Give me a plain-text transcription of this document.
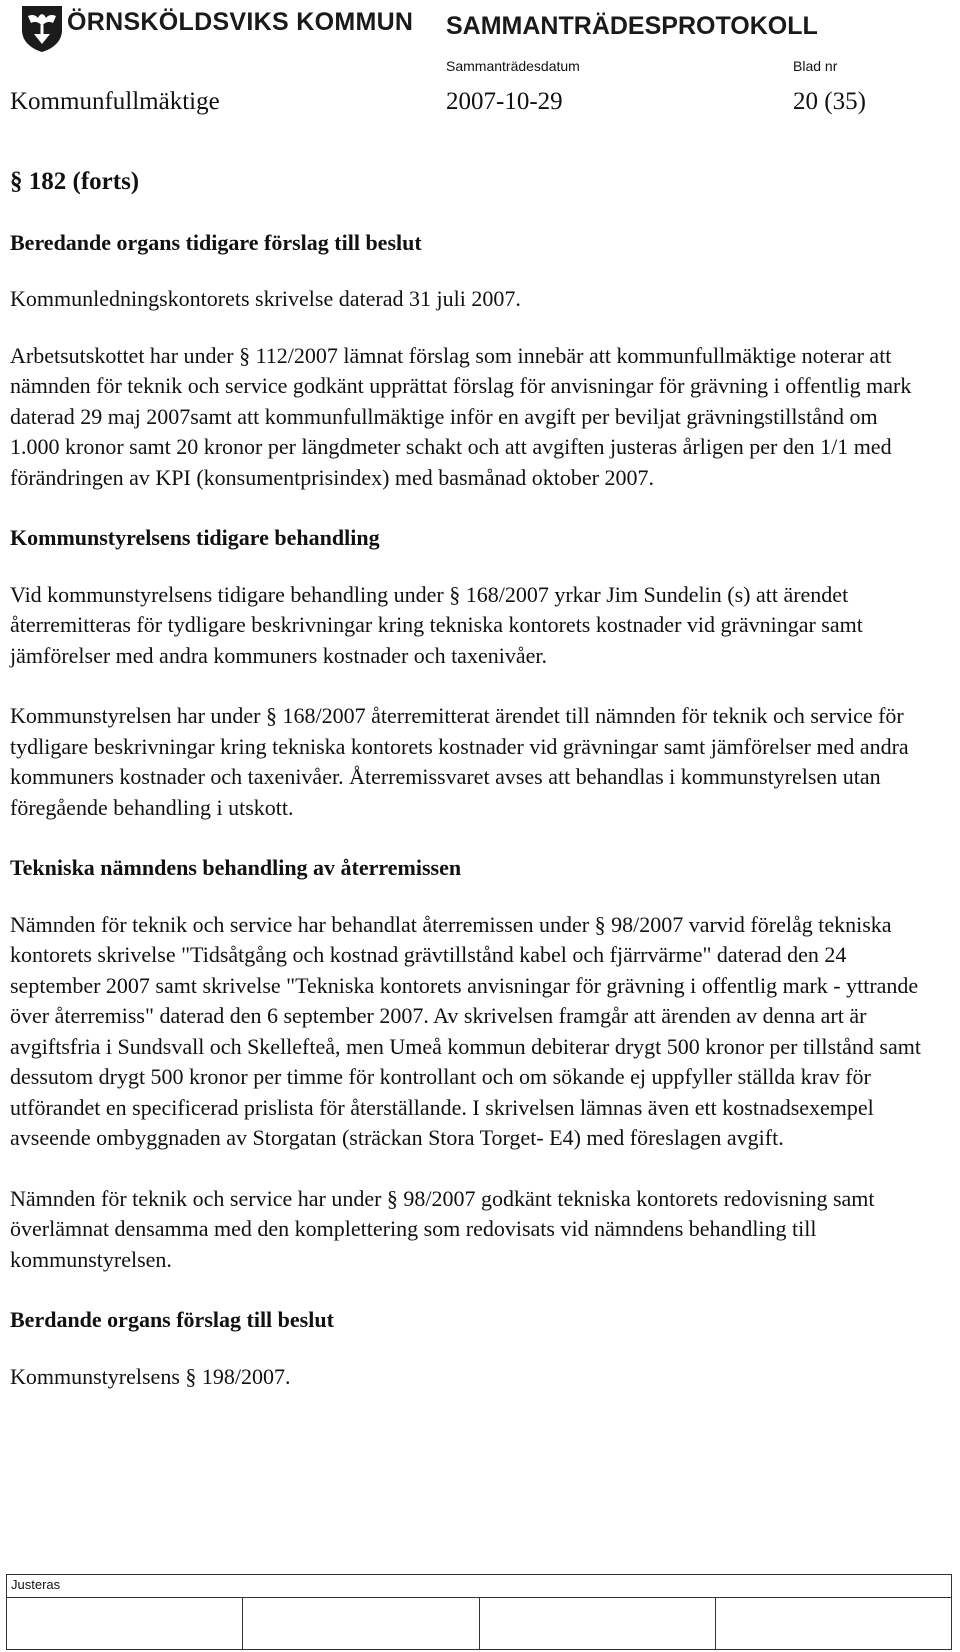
ÖRNSKÖLDSVIKS KOMMUN SAMMANTRÄDESPROTOKOLL
Sammanträdesdatum	Blad nr
Kommunfullmäktige	2007-10-29	20 (35)
§ 182 (forts)
Beredande organs tidigare förslag till beslut

Kommunledningskontorets skrivelse daterad 31 juli 2007.

Arbetsutskottet har under § 112/2007 lämnat förslag som innebär att kommunfullmäktige noterar att nämnden för teknik och service godkänt upprättat förslag för anvisningar för grävning i offentlig mark daterad 29 maj 2007samt att kommunfullmäktige inför en avgift per beviljat grävningstillstånd om 1.000 kronor samt 20 kronor per längdmeter schakt och att avgiften justeras årligen per den 1/1 med förändringen av KPI (konsumentprisindex) med basmånad oktober 2007.

Kommunstyrelsens tidigare behandling

Vid kommunstyrelsens tidigare behandling under § 168/2007 yrkar Jim Sundelin (s) att ärendet återremitteras för tydligare beskrivningar kring tekniska kontorets kostnader vid grävningar samt jämförelser med andra kommuners kostnader och taxenivåer.

Kommunstyrelsen har under § 168/2007 återremitterat ärendet till nämnden för teknik och service för tydligare beskrivningar kring tekniska kontorets kostnader vid grävningar samt jämförelser med andra kommuners kostnader och taxenivåer. Återremissvaret avses att behandlas i kommunstyrelsen utan föregående behandling i utskott.

Tekniska nämndens behandling av återremissen

Nämnden för teknik och service har behandlat återremissen under § 98/2007 varvid förelåg tekniska kontorets skrivelse "Tidsåtgång och kostnad grävtillstånd kabel och fjärrvärme" daterad den 24 september 2007 samt skrivelse "Tekniska kontorets anvisningar för grävning i offentlig mark - yttrande över återremiss" daterad den 6 september 2007. Av skrivelsen framgår att ärenden av denna art är avgiftsfria i Sundsvall och Skellefteå, men Umeå kommun debiterar drygt 500 kronor per tillstånd samt dessutom drygt 500 kronor per timme för kontrollant och om sökande ej uppfyller ställda krav för utförandet en specificerad prislista för återställande. I skrivelsen lämnas även ett kostnadsexempel avseende ombyggnaden av Storgatan (sträckan Stora Torget- E4) med föreslagen avgift.

Nämnden för teknik och service har under § 98/2007 godkänt tekniska kontorets redovisning samt överlämnat densamma med den komplettering som redovisats vid nämndens behandling till kommunstyrelsen.

Berdande organs förslag till beslut

Kommunstyrelsens § 198/2007.

Justeras
